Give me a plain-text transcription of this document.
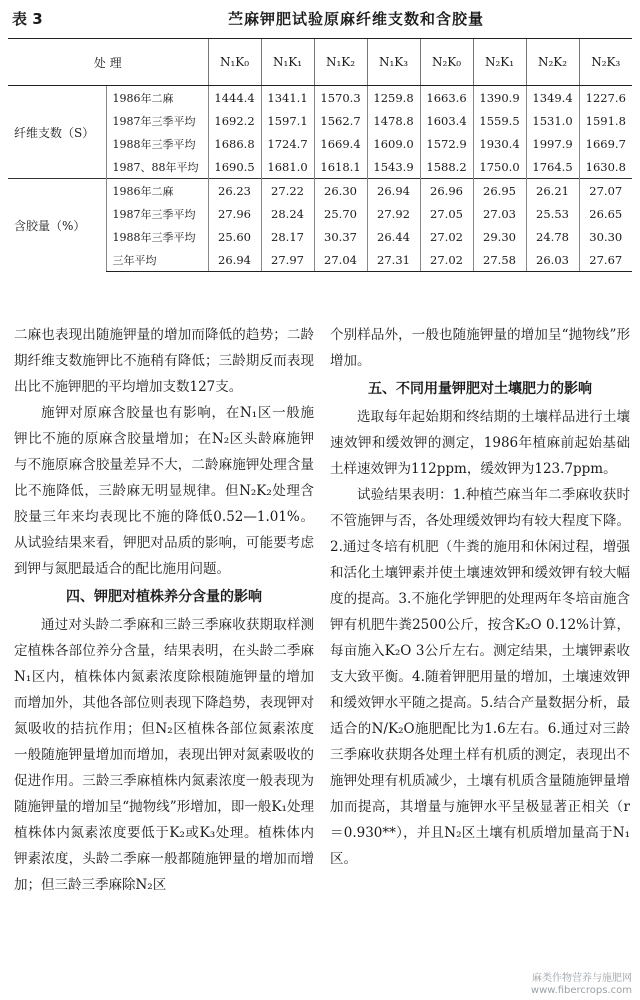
表 3	苎麻钾肥试验原麻纤维支数和含胶量
处 理		N₁K₀	N₁K₁	N₁K₂	N₁K₃	N₂K₀	N₂K₁	N₂K₂	N₂K₃
纤维支数（S）	1986年二麻	1444.4	1341.1	1570.3	1259.8	1663.6	1390.9	1349.4	1227.6
	1987年三季平均	1692.2	1597.1	1562.7	1478.8	1603.4	1559.5	1531.0	1591.8
	1988年三季平均	1686.8	1724.7	1669.4	1609.0	1572.9	1930.4	1997.9	1669.7
	1987、88年平均	1690.5	1681.0	1618.1	1543.9	1588.2	1750.0	1764.5	1630.8
含胶量（%）	1986年二麻	26.23	27.22	26.30	26.94	26.96	26.95	26.21	27.07
	1987年三季平均	27.96	28.24	25.70	27.92	27.05	27.03	25.53	26.65
	1988年三季平均	25.60	28.17	30.37	26.44	27.02	29.30	24.78	30.30
	三年平均	26.94	27.97	27.04	27.31	27.02	27.58	26.03	27.67

二麻也表现出随施钾量的增加而降低的趋势；二龄期纤维支数施钾比不施稍有降低；三龄期反而表现出比不施钾肥的平均增加支数127支。

施钾对原麻含胶量也有影响，在N₁区一般施钾比不施的原麻含胶量增加；在N₂区头龄麻施钾与不施原麻含胶量差异不大，二龄麻施钾处理含量比不施降低，三龄麻无明显规律。但N₂K₂处理含胶量三年来均表现比不施的降低0.52—1.01%。从试验结果来看，钾肥对品质的影响，可能要考虑到钾与氮肥最适合的配比施用问题。

四、钾肥对植株养分含量的影响

通过对头龄二季麻和三龄三季麻收获期取样测定植株各部位养分含量，结果表明，在头龄二季麻N₁区内，植株体内氮素浓度除根随施钾量的增加而增加外，其他各部位则表现下降趋势，表现钾对氮吸收的拮抗作用；但N₂区植株各部位氮素浓度一般随施钾量增加而增加，表现出钾对氮素吸收的促进作用。三龄三季麻植株内氮素浓度一般表现为随施钾量的增加呈“抛物线”形增加，即一般K₁处理植株体内氮素浓度要低于K₂或K₃处理。植株体内钾素浓度，头龄二季麻一般都随施钾量的增加而增加；但三龄三季麻除N₂区

个别样品外，一般也随施钾量的增加呈“抛物线”形增加。

五、不同用量钾肥对土壤肥力的影响

选取每年起始期和终结期的土壤样品进行土壤速效钾和缓效钾的测定，1986年植麻前起始基础土样速效钾为112ppm，缓效钾为123.7ppm。

试验结果表明：1.种植苎麻当年二季麻收获时不管施钾与否，各处理缓效钾均有较大程度下降。2.通过冬培有机肥（牛粪的施用和休闲过程，增强和活化土壤钾素并使土壤速效钾和缓效钾有较大幅度的提高。3.不施化学钾肥的处理两年冬培亩施含钾有机肥牛粪2500公斤，按含K₂O 0.12%计算，每亩施入K₂O 3公斤左右。测定结果，土壤钾素收支大致平衡。4.随着钾肥用量的增加，土壤速效钾和缓效钾水平随之提高。5.结合产量数据分析，最适合的N/K₂O施肥配比为1.6左右。6.通过对三龄三季麻收获期各处理土样有机质的测定，表现出不施钾处理有机质减少，土壤有机质含量随施钾量增加而提高，其增量与施钾水平呈极显著正相关（r＝0.930**），并且N₂区土壤有机质增加量高于N₁区。

麻类作物营养与施肥网
www.fibercrops.com
